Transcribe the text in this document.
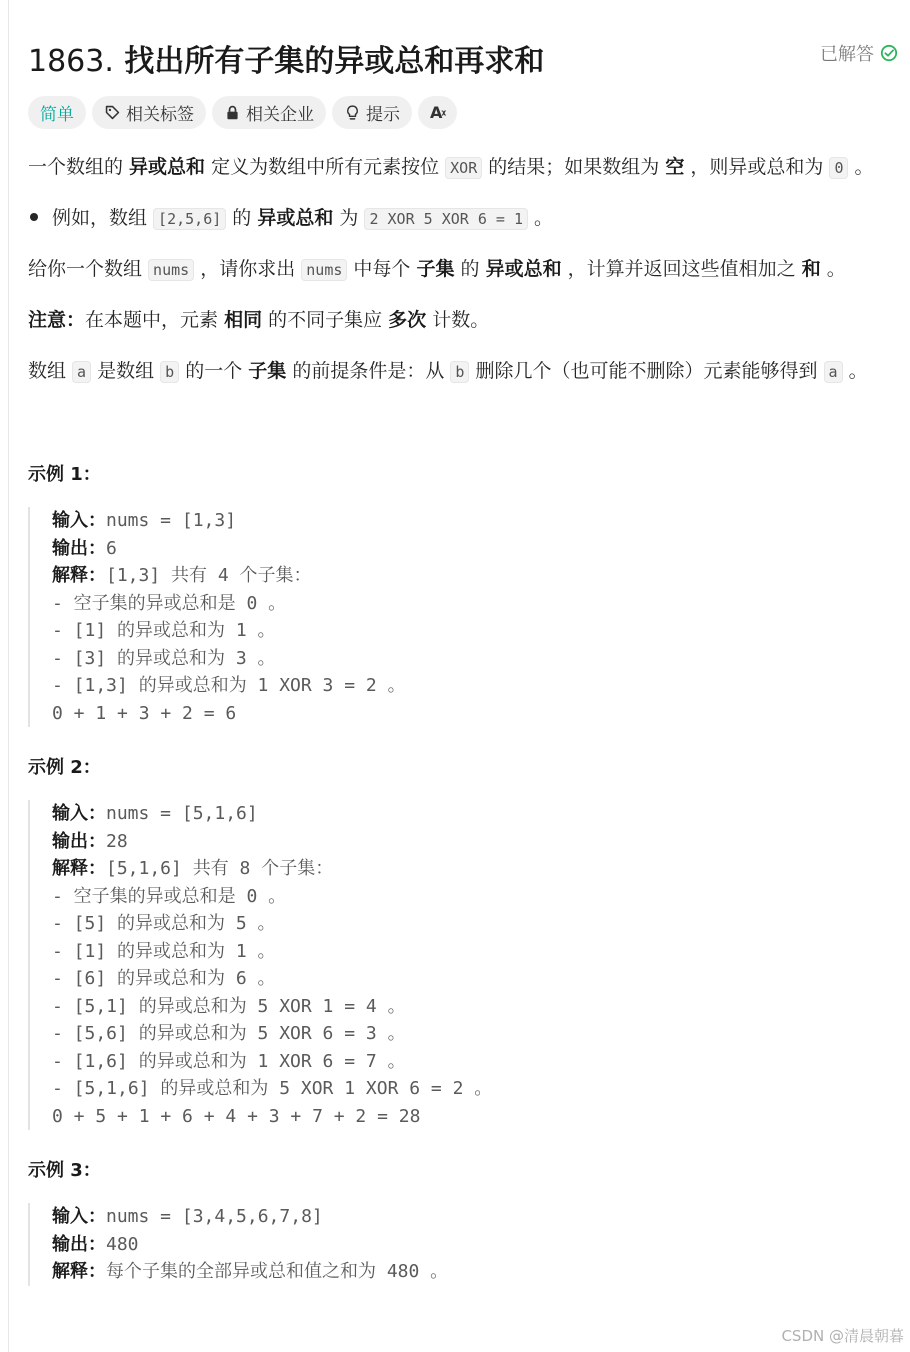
1863. 找出所有子集的异或总和再求和	已解答
简单	相关标签	相关企业	提示 Aᵡ
一个数组的 异或总和 定义为数组中所有元素按位 XOR 的结果；如果数组为 空 ，则异或总和为 0 。
例如，数组 [2,5,6] 的 异或总和 为 2 XOR 5 XOR 6 = 1 。
给你一个数组 nums ，请你求出 nums 中每个 子集 的 异或总和 ，计算并返回这些值相加之 和 。
注意：在本题中，元素 相同 的不同子集应 多次 计数。
数组 a 是数组 b 的一个 子集 的前提条件是：从 b 删除几个（也可能不删除）元素能够得到 a 。
示例 1：
输入：nums = [1,3]
输出：6
解释：[1,3] 共有 4 个子集：
- 空子集的异或总和是 0 。
- [1] 的异或总和为 1 。
- [3] 的异或总和为 3 。
- [1,3] 的异或总和为 1 XOR 3 = 2 。
0 + 1 + 3 + 2 = 6
示例 2：
输入：nums = [5,1,6]
输出：28
解释：[5,1,6] 共有 8 个子集：
- 空子集的异或总和是 0 。
- [5] 的异或总和为 5 。
- [1] 的异或总和为 1 。
- [6] 的异或总和为 6 。
- [5,1] 的异或总和为 5 XOR 1 = 4 。
- [5,6] 的异或总和为 5 XOR 6 = 3 。
- [1,6] 的异或总和为 1 XOR 6 = 7 。
- [5,1,6] 的异或总和为 5 XOR 1 XOR 6 = 2 。
0 + 5 + 1 + 6 + 4 + 3 + 7 + 2 = 28
示例 3：
输入：nums = [3,4,5,6,7,8]
输出：480
解释：每个子集的全部异或总和值之和为 480 。
CSDN @清晨朝暮
